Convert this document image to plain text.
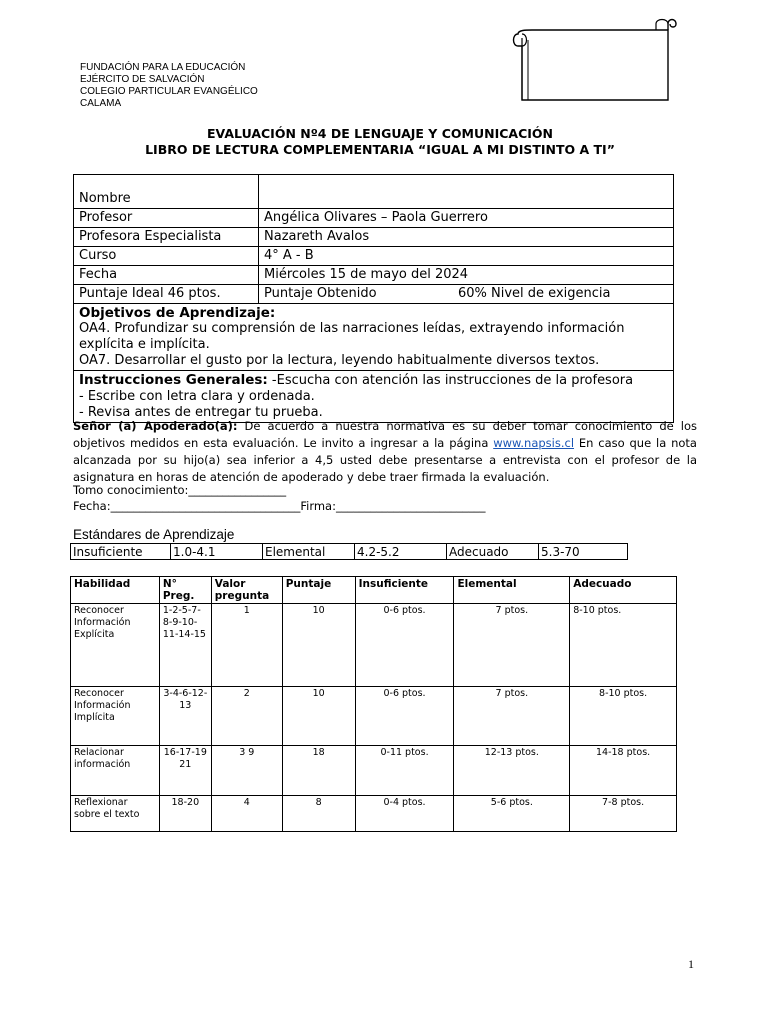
FUNDACIÓN PARA LA EDUCACIÓN
EJÉRCITO DE SALVACIÓN
COLEGIO PARTICULAR EVANGÉLICO
CALAMA
EVALUACIÓN Nº4 DE LENGUAJE Y COMUNICACIÓN
LIBRO DE LECTURA COMPLEMENTARIA “IGUAL A MI DISTINTO A TI”
Nombre	
Profesor	Angélica Olivares – Paola Guerrero
Profesora Especialista	Nazareth Avalos
Curso	4° A - B
Fecha	Miércoles 15 de mayo del 2024
Puntaje Ideal 46 ptos.	Puntaje Obtenido 60% Nivel de exigencia

Objetivos de Aprendizaje:
OA4. Profundizar su comprensión de las narraciones leídas, extrayendo información explícita e implícita.
OA7. Desarrollar el gusto por la lectura, leyendo habitualmente diversos textos.	

Instrucciones Generales: -Escucha con atención las instrucciones de la profesora
- Escribe con letra clara y ordenada.
- Revisa antes de entregar tu prueba.	
Señor (a) Apoderado(a): De acuerdo a nuestra normativa es su deber tomar conocimiento de los objetivos medidos en esta evaluación. Le invito a ingresar a la página www.napsis.cl En caso que la nota alcanzada por su hijo(a) sea inferior a 4,5 usted debe presentarse a entrevista con el profesor de la asignatura en horas de atención de apoderado y debe traer firmada la evaluación.
Tomo conocimiento:_________________
Fecha:_________________________________Firma:__________________________
Estándares de Aprendizaje
Insuficiente	1.0-4.1	Elemental	4.2-5.2	Adecuado	5.3-70
Habilidad	N° Preg.	Valor pregunta	Puntaje	Insuficiente	Elemental	Adecuado
Reconocer Información Explícita	1-2-5-7-8-9-10-11-14-15	1	10	0-6 ptos.	7 ptos.	8-10 ptos.
Reconocer Información Implícita	3-4-6-12-13	2	10	0-6 ptos.	7 ptos.	8-10 ptos.
Relacionar información	16-17-19 21	3 9	18	0-11 ptos.	12-13 ptos.	14-18 ptos.
Reflexionar sobre el texto	18-20	4	8	0-4 ptos.	5-6 ptos.	7-8 ptos.
1
